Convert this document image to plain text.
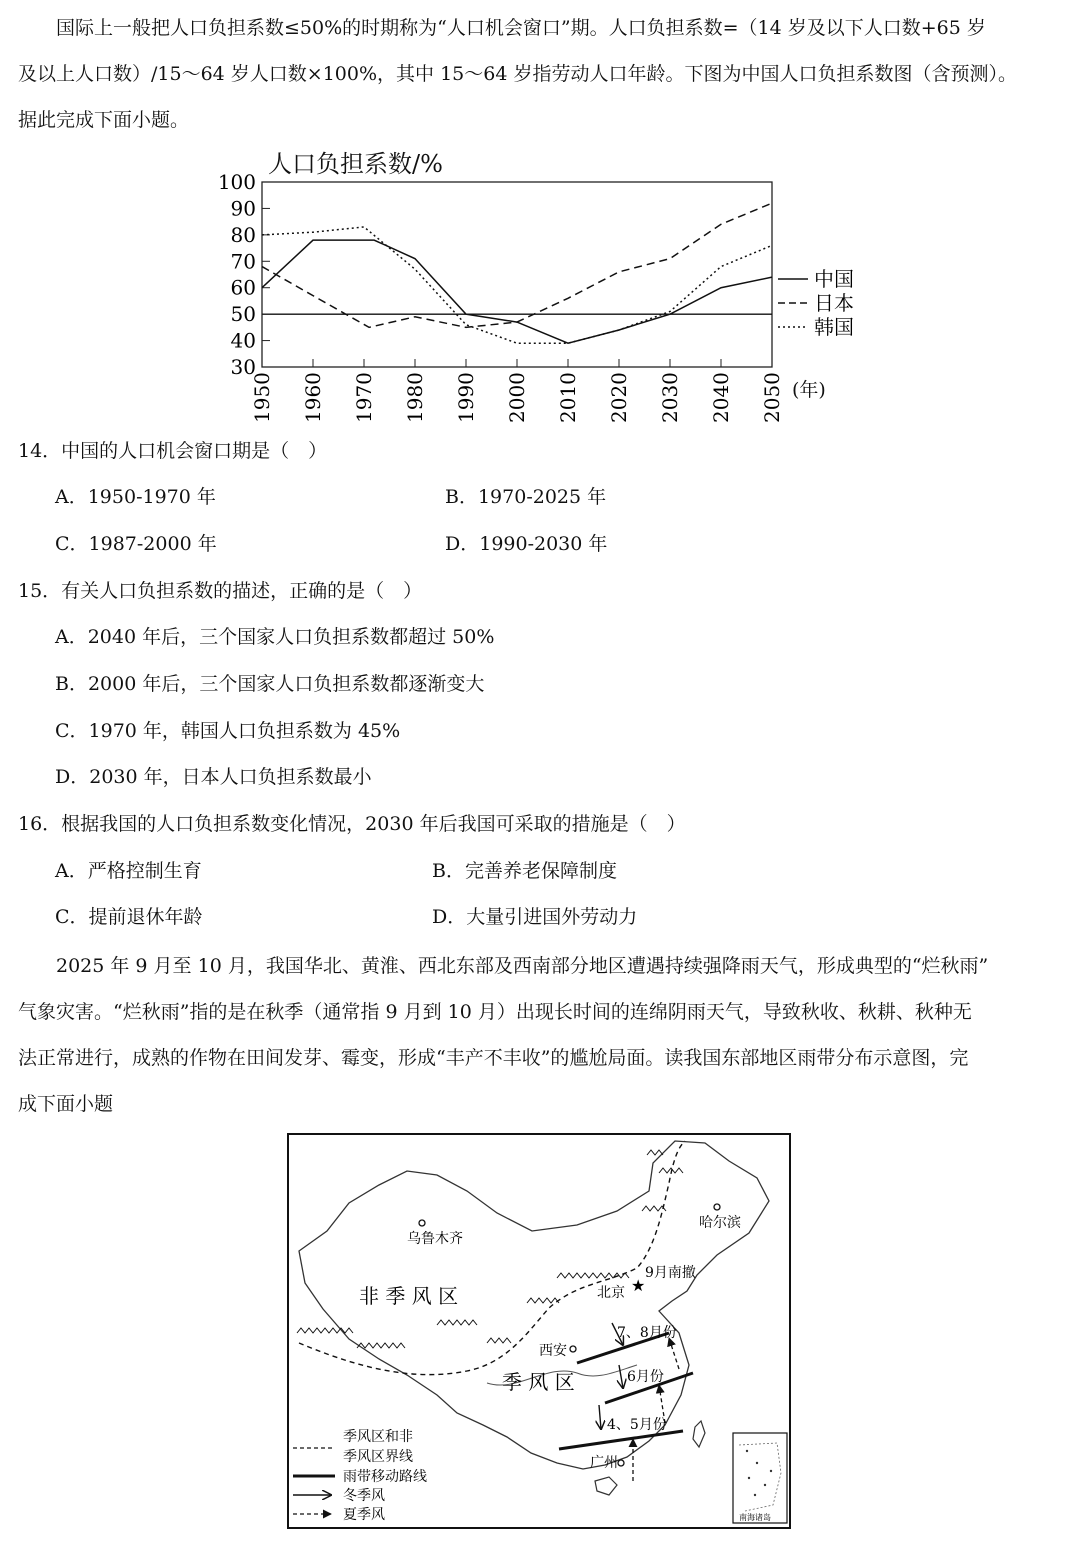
国际上一般把人口负担系数≤50%的时期称为“人口机会窗口”期。人口负担系数=（14 岁及以下人口数+65 岁
及以上人口数）/15～64 岁人口数×100%，其中 15～64 岁指劳动人口年龄。下图为中国人口负担系数图（含预测）。
据此完成下面小题。
人口负担系数/%
100
90
80
70
60
50
40
30
1950 1960 1970 1980 1990 2000 2010 2020 2030 2040 2050 (年)
中国
日本
韩国
14．中国的人口机会窗口期是（　）
A．1950-1970 年	B．1970-2025 年
C．1987-2000 年	D．1990-2030 年
15．有关人口负担系数的描述，正确的是（　）
A．2040 年后，三个国家人口负担系数都超过 50%
B．2000 年后，三个国家人口负担系数都逐渐变大
C．1970 年，韩国人口负担系数为 45%
D．2030 年，日本人口负担系数最小
16．根据我国的人口负担系数变化情况，2030 年后我国可采取的措施是（　）
A．严格控制生育	B．完善养老保障制度
C．提前退休年龄	D．大量引进国外劳动力
2025 年 9 月至 10 月，我国华北、黄淮、西北东部及西南部分地区遭遇持续强降雨天气，形成典型的“烂秋雨”
气象灾害。“烂秋雨”指的是在秋季（通常指 9 月到 10 月）出现长时间的连绵阴雨天气，导致秋收、秋耕、秋种无
法正常进行，成熟的作物在田间发芽、霉变，形成“丰产不丰收”的尴尬局面。读我国东部地区雨带分布示意图，完
成下面小题
乌鲁木齐
哈尔滨
★
北京
西安
广州
非 季 风 区
季 风 区
9月南撤
7、8月份
6月份
4、5月份
季风区和非
季风区界线
雨带移动路线
冬季风
夏季风	南海诸岛
